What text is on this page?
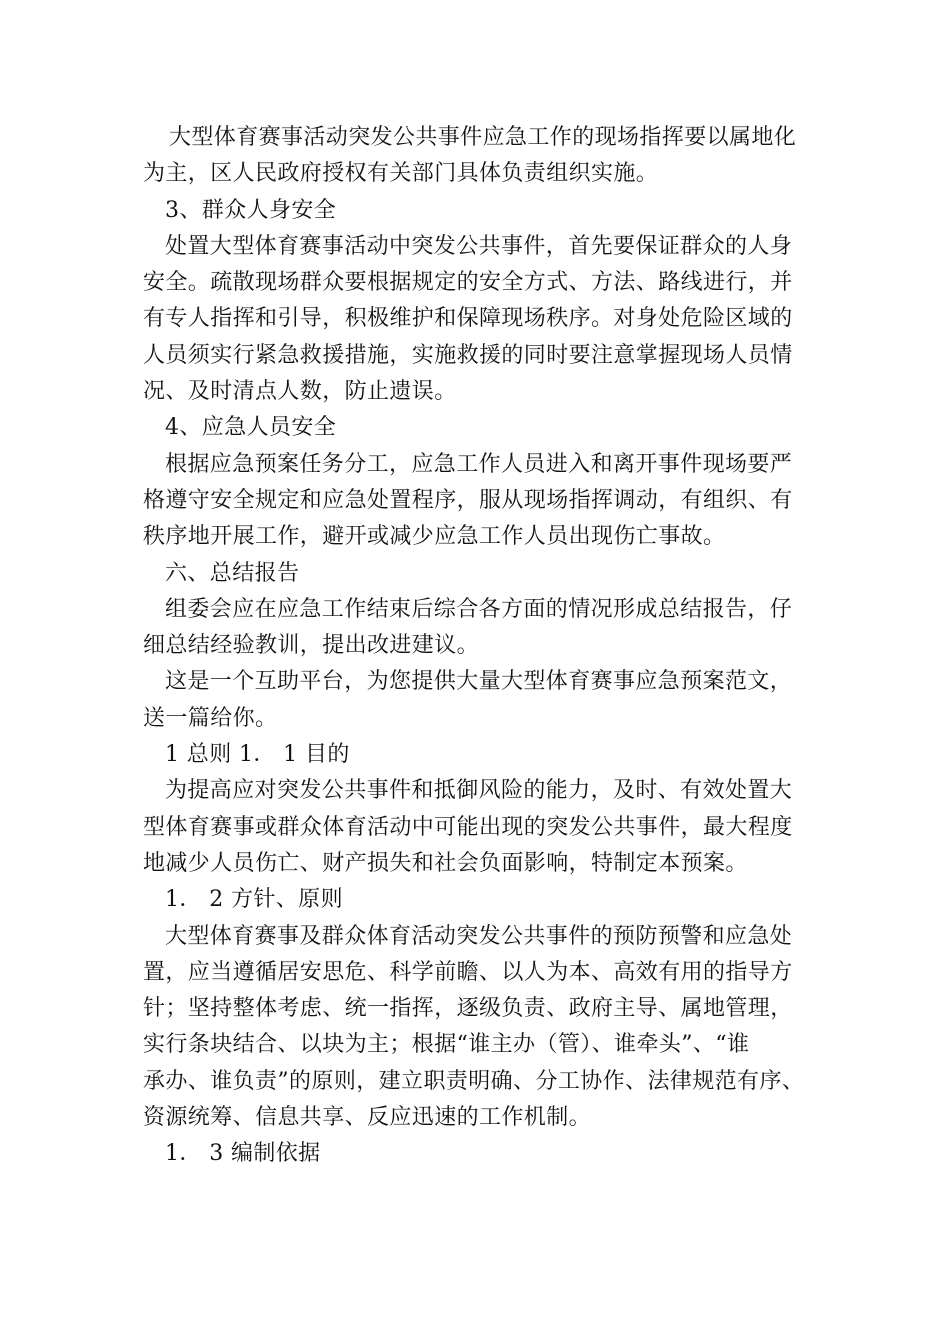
大型体育赛事活动突发公共事件应急工作的现场指挥要以属地化
为主，区人民政府授权有关部门具体负责组织实施。
3、群众人身安全
处置大型体育赛事活动中突发公共事件，首先要保证群众的人身
安全。疏散现场群众要根据规定的安全方式、方法、路线进行，并
有专人指挥和引导，积极维护和保障现场秩序。对身处危险区域的
人员须实行紧急救援措施，实施救援的同时要注意掌握现场人员情
况、及时清点人数，防止遗误。
4、应急人员安全
根据应急预案任务分工，应急工作人员进入和离开事件现场要严
格遵守安全规定和应急处置程序，服从现场指挥调动，有组织、有
秩序地开展工作，避开或减少应急工作人员出现伤亡事故。
六、总结报告
组委会应在应急工作结束后综合各方面的情况形成总结报告，仔
细总结经验教训，提出改进建议。
这是一个互助平台，为您提供大量大型体育赛事应急预案范文，
送一篇给你。
1 总则 1． 1 目的
为提高应对突发公共事件和抵御风险的能力，及时、有效处置大
型体育赛事或群众体育活动中可能出现的突发公共事件，最大程度
地减少人员伤亡、财产损失和社会负面影响，特制定本预案。
1． 2 方针、原则
大型体育赛事及群众体育活动突发公共事件的预防预警和应急处
置，应当遵循居安思危、科学前瞻、以人为本、高效有用的指导方
针；坚持整体考虑、统一指挥，逐级负责、政府主导、属地管理，
实行条块结合、以块为主；根据“谁主办（管）、谁牵头”、“谁
承办、谁负责”的原则，建立职责明确、分工协作、法律规范有序、
资源统筹、信息共享、反应迅速的工作机制。
1． 3 编制依据
